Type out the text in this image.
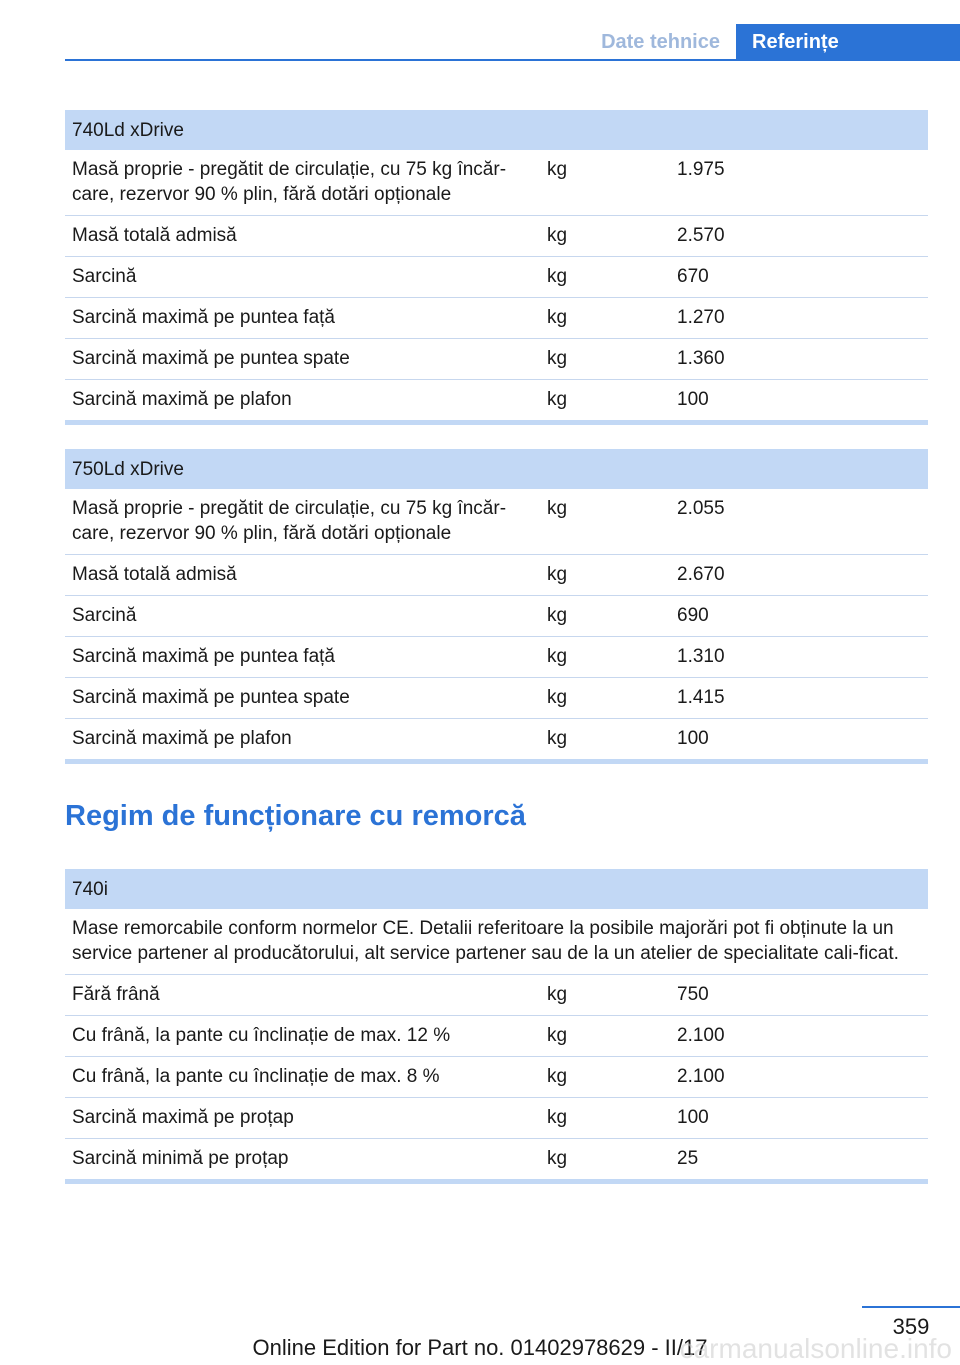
Date tehnice	Referințe
740Ld xDrive		
Masă proprie - pregătit de circulație, cu 75 kg încăr‐
care, rezervor 90 % plin, fără dotări opționale	kg	1.975
Masă totală admisă	kg	2.570
Sarcină	kg	670
Sarcină maximă pe puntea față	kg	1.270
Sarcină maximă pe puntea spate	kg	1.360
Sarcină maximă pe plafon	kg	100
750Ld xDrive		
Masă proprie - pregătit de circulație, cu 75 kg încăr‐
care, rezervor 90 % plin, fără dotări opționale	kg	2.055
Masă totală admisă	kg	2.670
Sarcină	kg	690
Sarcină maximă pe puntea față	kg	1.310
Sarcină maximă pe puntea spate	kg	1.415
Sarcină maximă pe plafon	kg	100
Regim de funcționare cu remorcă
740i		
Mase remorcabile conform normelor CE. Detalii referitoare la posibile majorări pot fi obținute la un service partener al producătorului, alt service partener sau de la un atelier de specialitate cali‐ficat.		
Fără frână	kg	750
Cu frână, la pante cu înclinație de max. 12 %	kg	2.100
Cu frână, la pante cu înclinație de max. 8 %	kg	2.100
Sarcină maximă pe proțap	kg	100
Sarcină minimă pe proțap	kg	25
359
Online Edition for Part no. 01402978629 - II/17
carmanualsonline.info
